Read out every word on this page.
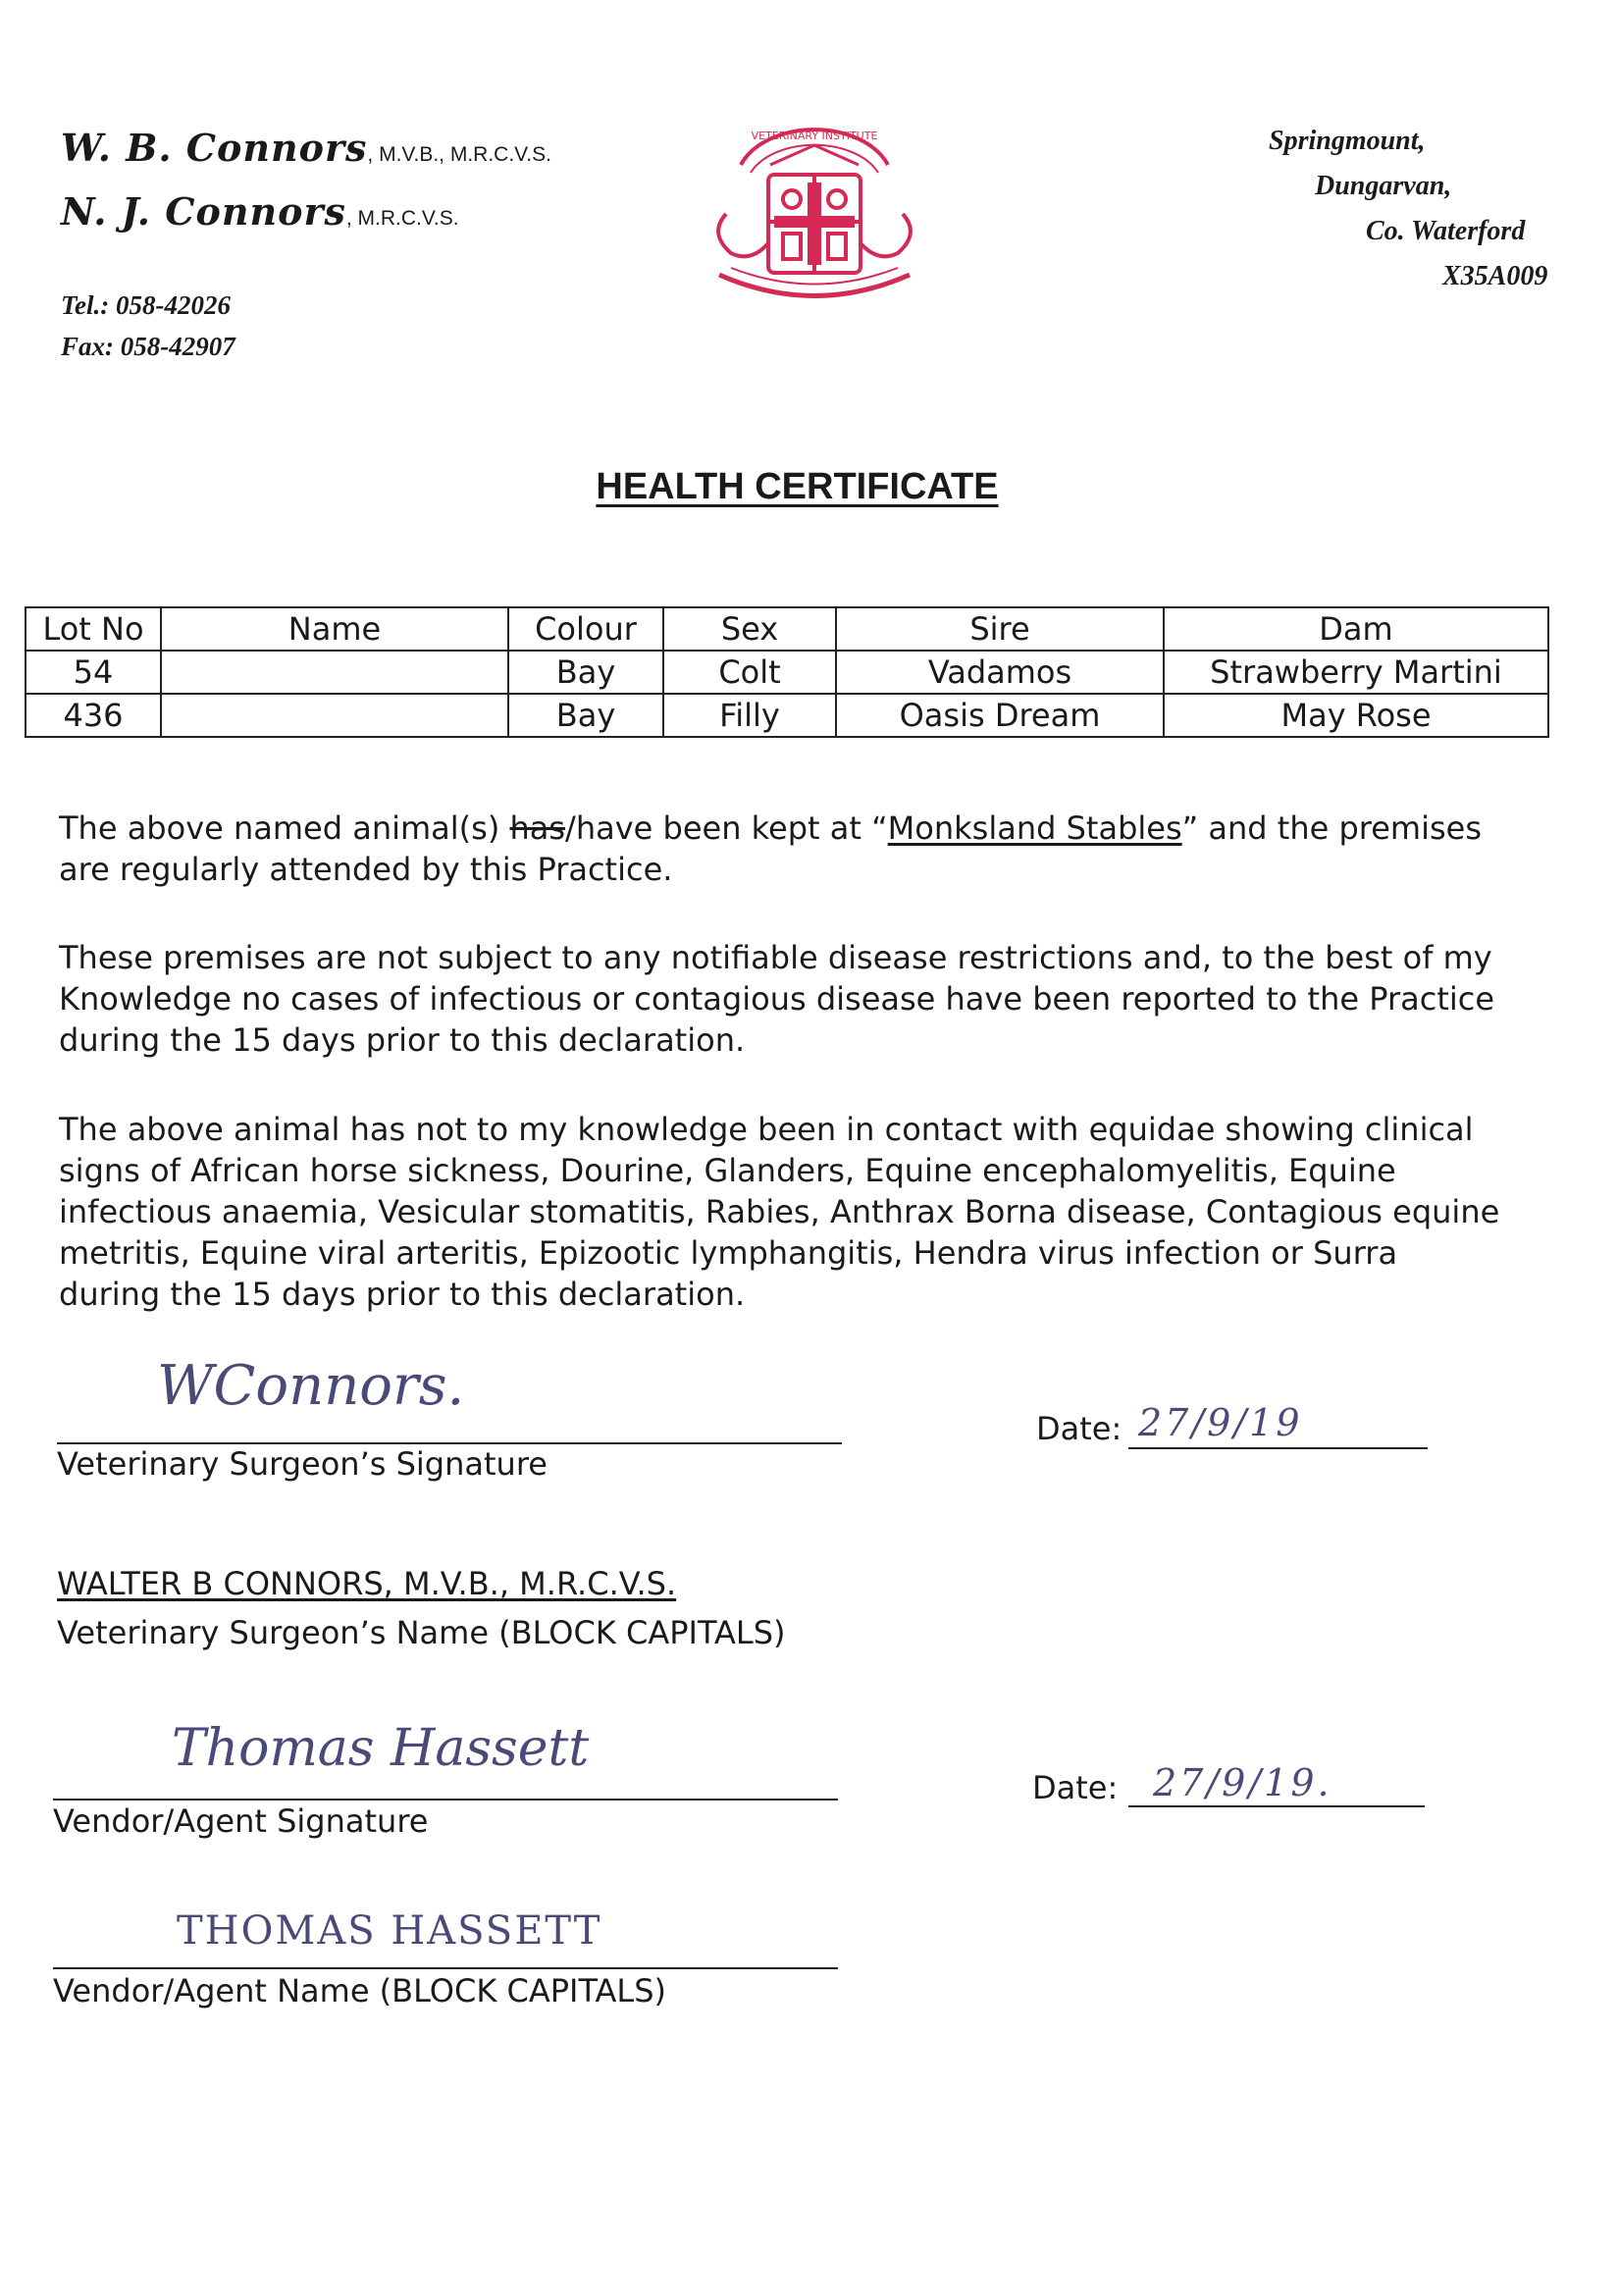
W. B. Connors, M.V.B., M.R.C.V.S.
N. J. Connors, M.R.C.V.S.
Tel.: 058-42026
Fax: 058-42907
VETERINARY INSTITUTE	Springmount,
Dungarvan,
Co. Waterford
X35A009
HEALTH CERTIFICATE
Lot No	Name	Colour	Sex	Sire	Dam
54		Bay	Colt	Vadamos	Strawberry Martini
436		Bay	Filly	Oasis Dream	May Rose

The above named animal(s) has/have been kept at “Monksland Stables” and the premises are regularly attended by this Practice.

These premises are not subject to any notifiable disease restrictions and, to the best of my Knowledge no cases of infectious or contagious disease have been reported to the Practice during the 15 days prior to this declaration.

The above animal has not to my knowledge been in contact with equidae showing clinical signs of African horse sickness, Dourine, Glanders, Equine encephalomyelitis, Equine infectious anaemia, Vesicular stomatitis, Rabies, Anthrax Borna disease, Contagious equine metritis, Equine viral arteritis, Epizootic lymphangitis, Hendra virus infection or Surra during the 15 days prior to this declaration.

WConnors.
Veterinary Surgeon’s Signature
Date: 27/9/19
WALTER B CONNORS, M.V.B., M.R.C.V.S.
Veterinary Surgeon’s Name (BLOCK CAPITALS)
Thomas Hassett
Vendor/Agent Signature
Date: 27/9/19.
THOMAS HASSETT
Vendor/Agent Name (BLOCK CAPITALS)
